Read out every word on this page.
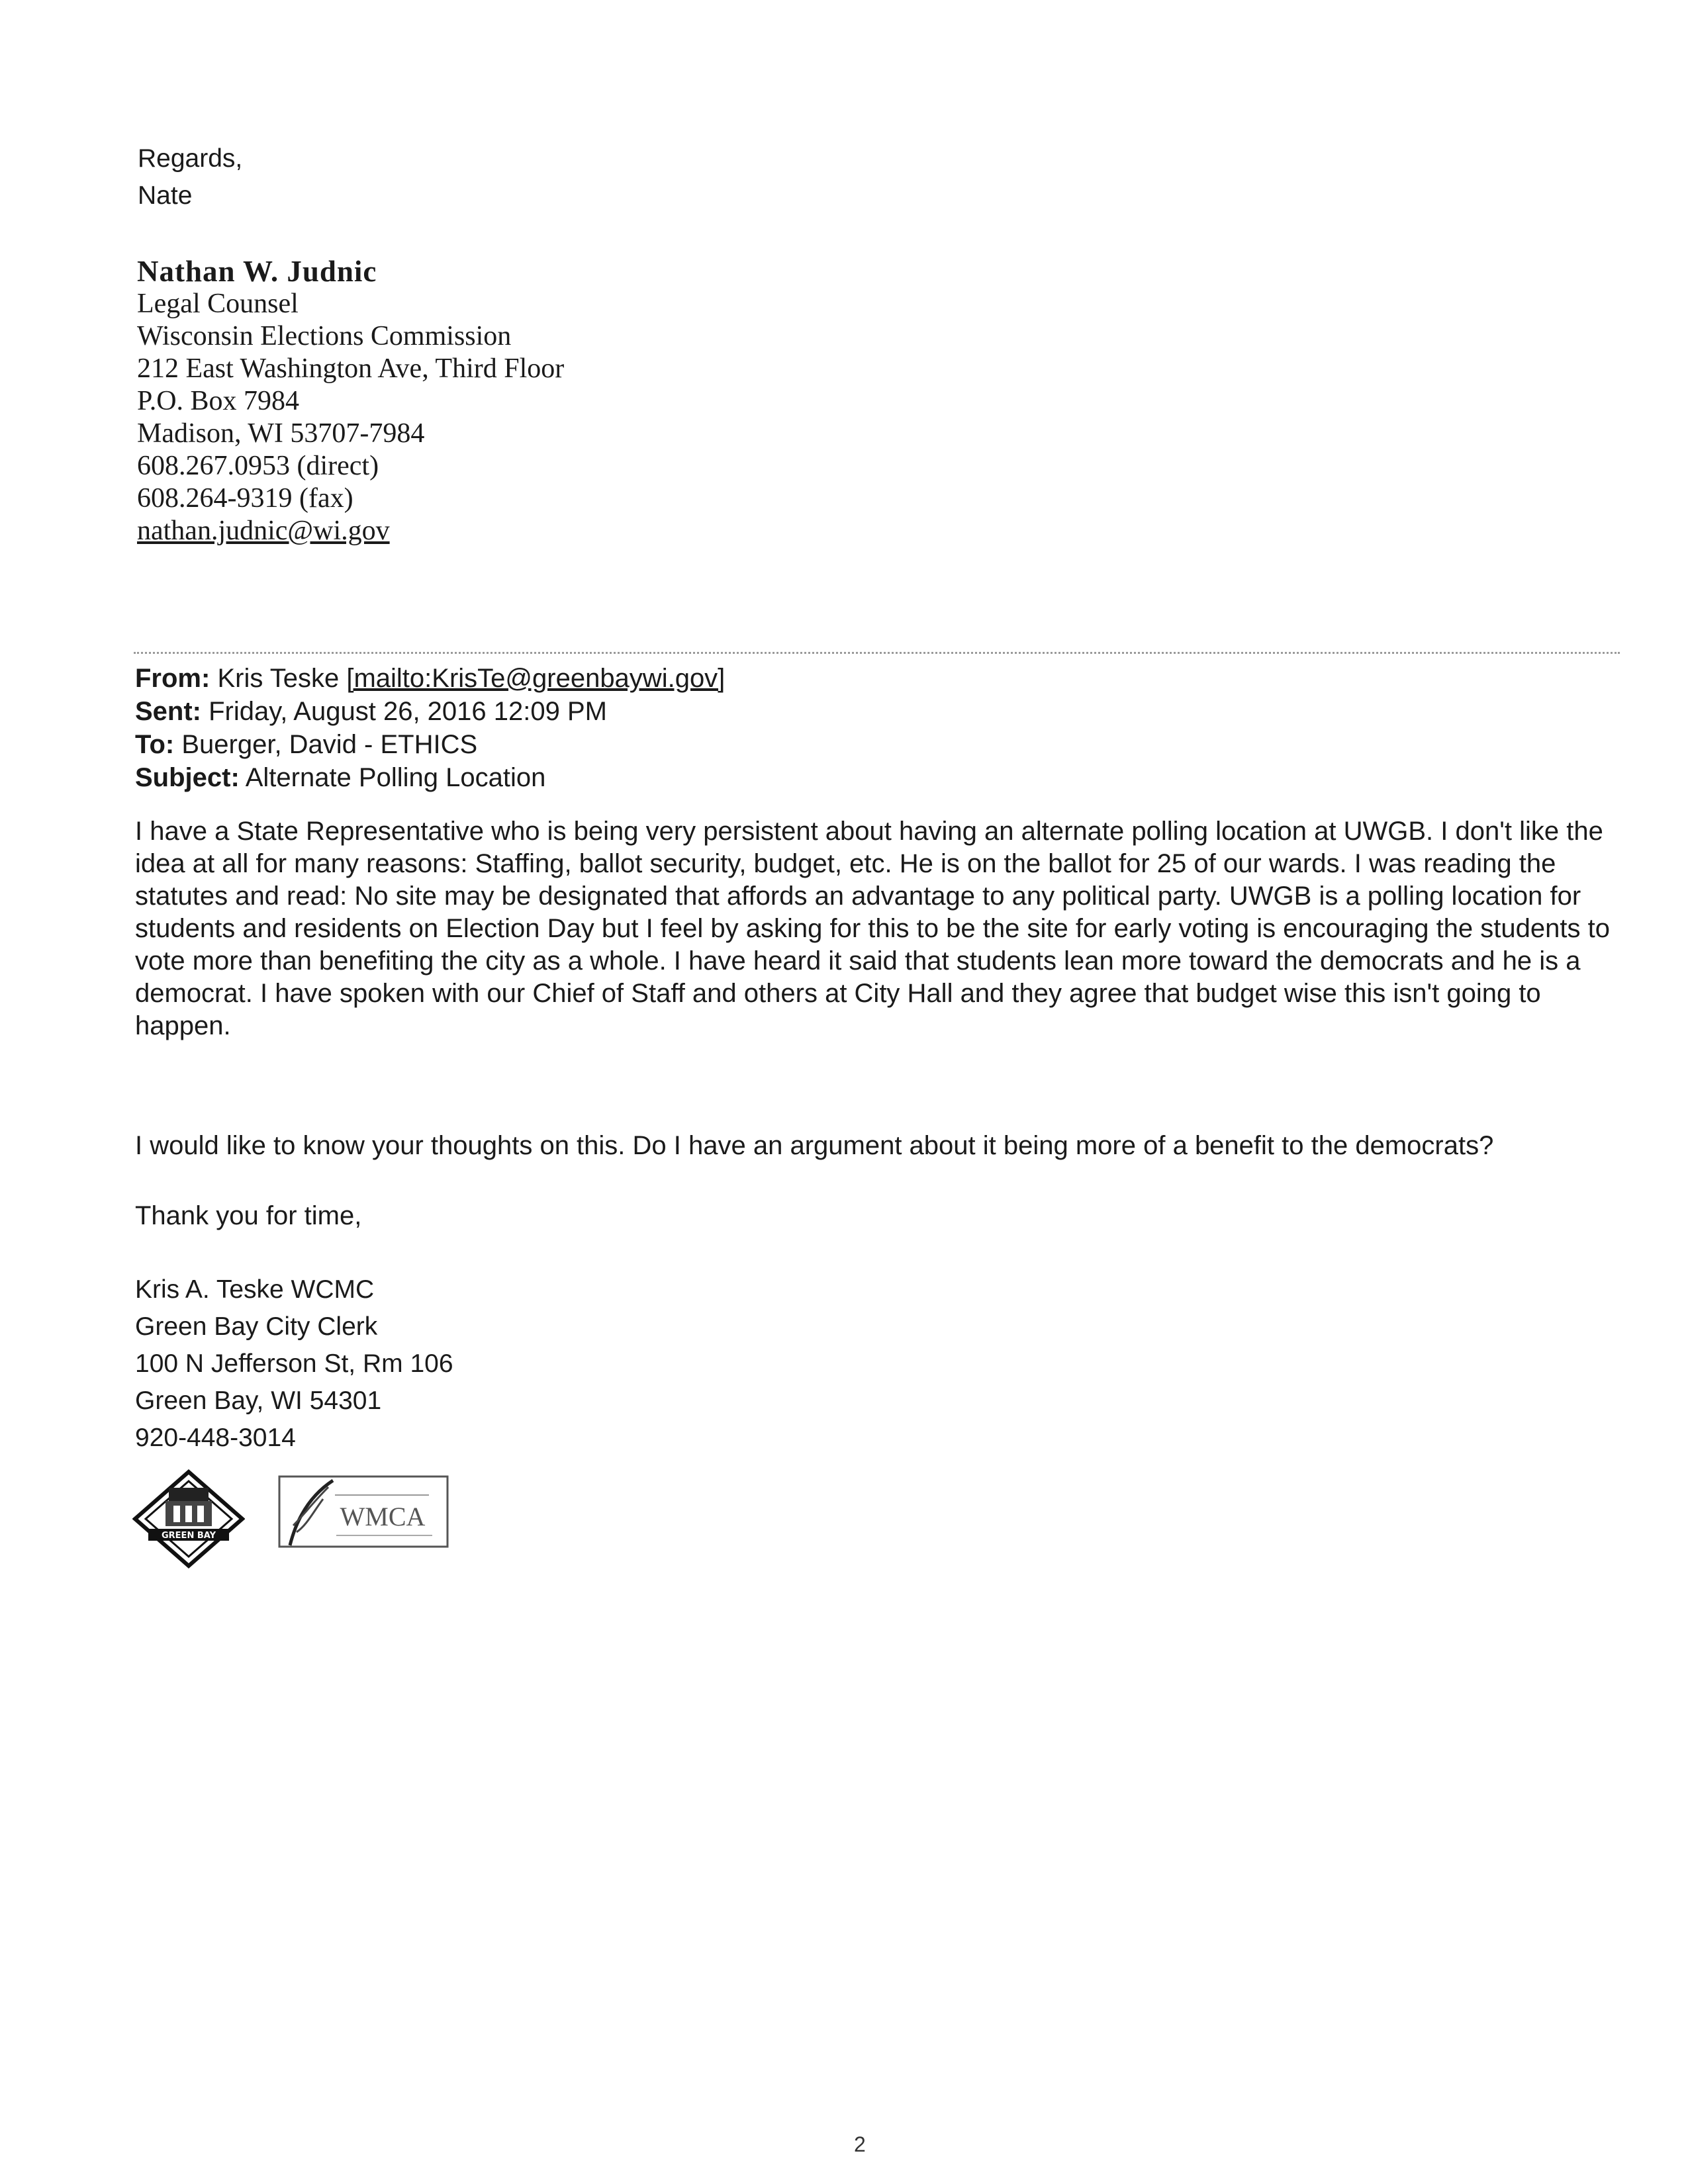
Regards,
Nate
Nathan W. Judnic
Legal Counsel
Wisconsin Elections Commission
212 East Washington Ave, Third Floor
P.O. Box 7984
Madison, WI 53707-7984
608.267.0953 (direct)
608.264-9319 (fax)
nathan.judnic@wi.gov
From: Kris Teske [mailto:KrisTe@greenbaywi.gov]
Sent: Friday, August 26, 2016 12:09 PM
To: Buerger, David - ETHICS
Subject: Alternate Polling Location

I have a State Representative who is being very persistent about having an alternate polling location at UWGB. I don't like the idea at all for many reasons: Staffing, ballot security, budget, etc. He is on the ballot for 25 of our wards. I was reading the statutes and read: No site may be designated that affords an advantage to any political party. UWGB is a polling location for students and residents on Election Day but I feel by asking for this to be the site for early voting is encouraging the students to vote more than benefiting the city as a whole. I have heard it said that students lean more toward the democrats and he is a democrat. I have spoken with our Chief of Staff and others at City Hall and they agree that budget wise this isn't going to happen.

I would like to know your thoughts on this. Do I have an argument about it being more of a benefit to the democrats?

Thank you for time,

Kris A. Teske WCMC
Green Bay City Clerk
100 N Jefferson St, Rm 106
Green Bay, WI 54301
920-448-3014
GREEN BAY
WMCA
2
